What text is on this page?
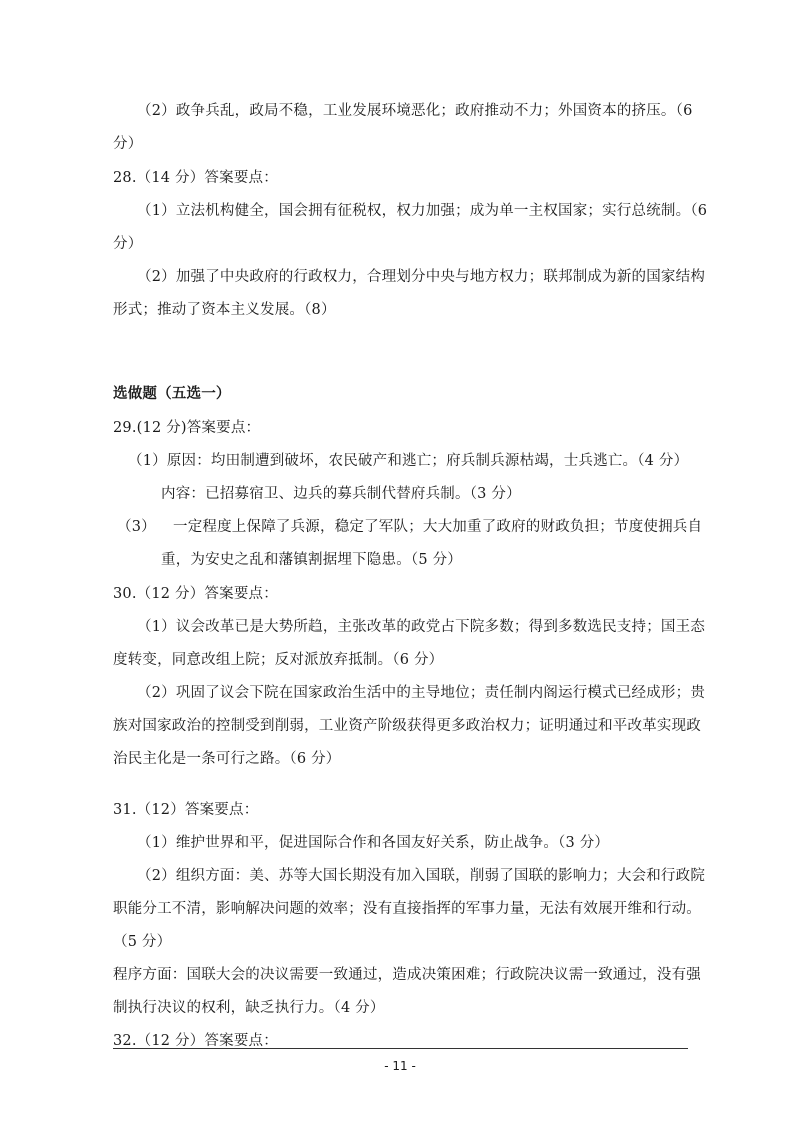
（2）政争兵乱，政局不稳，工业发展环境恶化；政府推动不力；外国资本的挤压。（6
分）
28.（14 分）答案要点：
（1）立法机构健全，国会拥有征税权，权力加强；成为单一主权国家；实行总统制。（6
分）
（2）加强了中央政府的行政权力，合理划分中央与地方权力；联邦制成为新的国家结构
形式；推动了资本主义发展。（8）
选做题（五选一）
29.(12 分)答案要点：
（1）原因：均田制遭到破坏，农民破产和逃亡；府兵制兵源枯竭，士兵逃亡。（4 分）
内容：已招募宿卫、边兵的募兵制代替府兵制。（3 分）
（3） 一定程度上保障了兵源，稳定了军队；大大加重了政府的财政负担；节度使拥兵自
重，为安史之乱和藩镇割据埋下隐患。（5 分）
30.（12 分）答案要点：
（1）议会改革已是大势所趋，主张改革的政党占下院多数；得到多数选民支持；国王态
度转变，同意改组上院；反对派放弃抵制。（6 分）
（2）巩固了议会下院在国家政治生活中的主导地位；责任制内阁运行模式已经成形；贵
族对国家政治的控制受到削弱，工业资产阶级获得更多政治权力；证明通过和平改革实现政
治民主化是一条可行之路。（6 分）
31.（12）答案要点：
（1）维护世界和平，促进国际合作和各国友好关系，防止战争。（3 分）
（2）组织方面：美、苏等大国长期没有加入国联，削弱了国联的影响力；大会和行政院
职能分工不清，影响解决问题的效率；没有直接指挥的军事力量，无法有效展开维和行动。
（5 分）
程序方面：国联大会的决议需要一致通过，造成决策困难；行政院决议需一致通过，没有强
制执行决议的权利，缺乏执行力。（4 分）
32.（12 分）答案要点：
- 11 -
